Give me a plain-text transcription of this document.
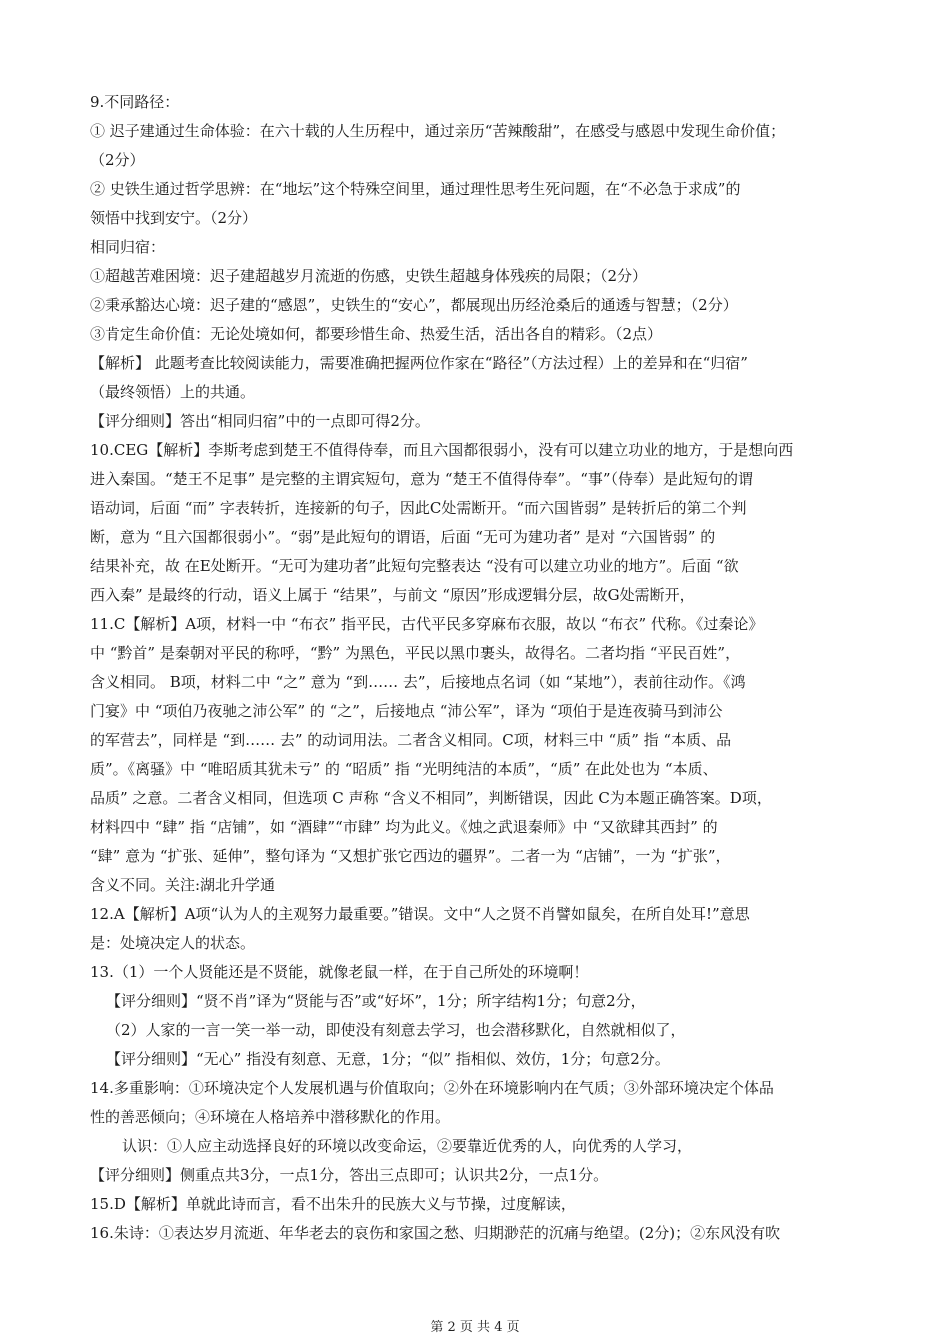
9.不同路径：
① 迟子建通过生命体验：在六十载的人生历程中，通过亲历“苦辣酸甜”，在感受与感恩中发现生命价值；
（2分）
② 史铁生通过哲学思辨：在“地坛”这个特殊空间里，通过理性思考生死问题，在“不必急于求成”的
领悟中找到安宁。（2分）
相同归宿：
①超越苦难困境：迟子建超越岁月流逝的伤感，史铁生超越身体残疾的局限；（2分）
②秉承豁达心境：迟子建的“感恩”，史铁生的“安心”，都展现出历经沧桑后的通透与智慧；（2分）
③肯定生命价值：无论处境如何，都要珍惜生命、热爱生活，活出各自的精彩。（2点）
【解析】 此题考查比较阅读能力，需要准确把握两位作家在“路径”（方法过程）上的差异和在“归宿”
（最终领悟）上的共通。
【评分细则】答出“相同归宿”中的一点即可得2分。
10.CEG【解析】李斯考虑到楚王不值得侍奉，而且六国都很弱小，没有可以建立功业的地方，于是想向西
进入秦国。“楚王不足事” 是完整的主谓宾短句，意为 “楚王不值得侍奉”。“事”（侍奉）是此短句的谓
语动词，后面 “而” 字表转折，连接新的句子，因此C处需断开。“而六国皆弱” 是转折后的第二个判
断，意为 “且六国都很弱小”。“弱”是此短句的谓语，后面 “无可为建功者” 是对 “六国皆弱” 的
结果补充，故 在E处断开。“无可为建功者”此短句完整表达 “没有可以建立功业的地方”。后面 “欲
西入秦” 是最终的行动，语义上属于 “结果”，与前文 “原因”形成逻辑分层，故G处需断开，
11.C【解析】A项，材料一中 “布衣” 指平民，古代平民多穿麻布衣服，故以 “布衣” 代称。《过秦论》
中 “黔首” 是秦朝对平民的称呼，“黔” 为黑色，平民以黑巾裹头，故得名。二者均指 “平民百姓”，
含义相同。 B项，材料二中 “之” 意为 “到…… 去”，后接地点名词（如 “某地”），表前往动作。《鸿
门宴》中 “项伯乃夜驰之沛公军” 的 “之”，后接地点 “沛公军”，译为 “项伯于是连夜骑马到沛公
的军营去”，同样是 “到…… 去” 的动词用法。二者含义相同。C项，材料三中 “质” 指 “本质、品
质”。《离骚》中 “唯昭质其犹未亏” 的 “昭质” 指 “光明纯洁的本质”，“质” 在此处也为 “本质、
品质” 之意。二者含义相同，但选项 C 声称 “含义不相同”，判断错误，因此 C为本题正确答案。D项，
材料四中 “肆” 指 “店铺”，如 “酒肆”“市肆” 均为此义。《烛之武退秦师》中 “又欲肆其西封” 的
“肆” 意为 “扩张、延伸”，整句译为 “又想扩张它西边的疆界”。二者一为 “店铺”，一为 “扩张”，
含义不同。关注:湖北升学通
12.A【解析】A项“认为人的主观努力最重要。”错误。文中“人之贤不肖譬如鼠矣，在所自处耳!”意思
是：处境决定人的状态。
13.（1）一个人贤能还是不贤能，就像老鼠一样，在于自己所处的环境啊！
【评分细则】“贤不肖”译为“贤能与否”或“好坏”，1分；所字结构1分；句意2分，
（2）人家的一言一笑一举一动，即使没有刻意去学习，也会潜移默化，自然就相似了，
【评分细则】“无心” 指没有刻意、无意，1分；“似” 指相似、效仿，1分；句意2分。
14.多重影响：①环境决定个人发展机遇与价值取向；②外在环境影响内在气质；③外部环境决定个体品
性的善恶倾向；④环境在人格培养中潜移默化的作用。
认识：①人应主动选择良好的环境以改变命运，②要靠近优秀的人，向优秀的人学习，
【评分细则】侧重点共3分，一点1分，答出三点即可；认识共2分，一点1分。
15.D【解析】单就此诗而言，看不出朱升的民族大义与节操，过度解读，
16.朱诗：①表达岁月流逝、年华老去的哀伤和家国之愁、归期渺茫的沉痛与绝望。(2分)；②东风没有吹
第 2 页 共 4 页
